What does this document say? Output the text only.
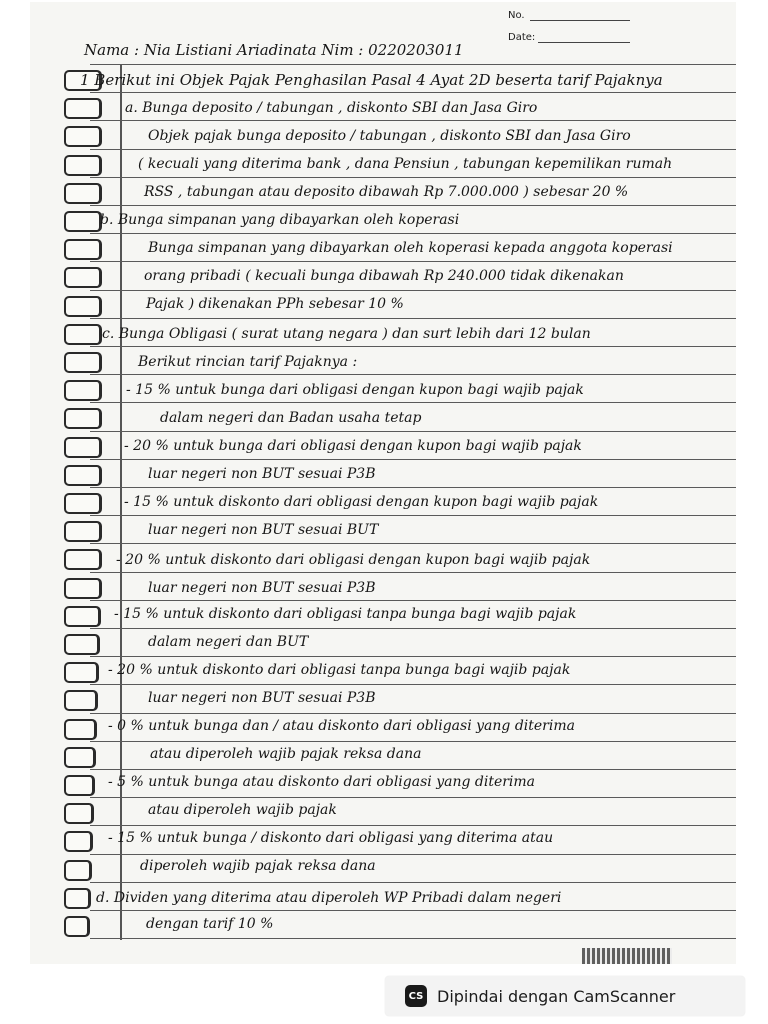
No.
Date:
Nama : Nia Listiani Ariadinata Nim : 0220203011
1 Berikut ini Objek Pajak Penghasilan Pasal 4 Ayat 2D beserta tarif Pajaknya
a. Bunga deposito / tabungan , diskonto SBI dan Jasa Giro
Objek pajak bunga deposito / tabungan , diskonto SBI dan Jasa Giro
( kecuali yang diterima bank , dana Pensiun , tabungan kepemilikan rumah
RSS , tabungan atau deposito dibawah Rp 7.000.000 ) sebesar 20 %
b. Bunga simpanan yang dibayarkan oleh koperasi
Bunga simpanan yang dibayarkan oleh koperasi kepada anggota koperasi
orang pribadi ( kecuali bunga dibawah Rp 240.000 tidak dikenakan
Pajak ) dikenakan PPh sebesar 10 %
c. Bunga Obligasi ( surat utang negara ) dan surt lebih dari 12 bulan
Berikut rincian tarif Pajaknya :
- 15 % untuk bunga dari obligasi dengan kupon bagi wajib pajak
dalam negeri dan Badan usaha tetap
- 20 % untuk bunga dari obligasi dengan kupon bagi wajib pajak
luar negeri non BUT sesuai P3B
- 15 % untuk diskonto dari obligasi dengan kupon bagi wajib pajak
luar negeri non BUT sesuai BUT
- 20 % untuk diskonto dari obligasi dengan kupon bagi wajib pajak
luar negeri non BUT sesuai P3B
- 15 % untuk diskonto dari obligasi tanpa bunga bagi wajib pajak
dalam negeri dan BUT
- 20 % untuk diskonto dari obligasi tanpa bunga bagi wajib pajak
luar negeri non BUT sesuai P3B
- 0 % untuk bunga dan / atau diskonto dari obligasi yang diterima
atau diperoleh wajib pajak reksa dana
- 5 % untuk bunga atau diskonto dari obligasi yang diterima
atau diperoleh wajib pajak
- 15 % untuk bunga / diskonto dari obligasi yang diterima atau
diperoleh wajib pajak reksa dana
d. Dividen yang diterima atau diperoleh WP Pribadi dalam negeri
dengan tarif 10 %
CS Dipindai dengan CamScanner
